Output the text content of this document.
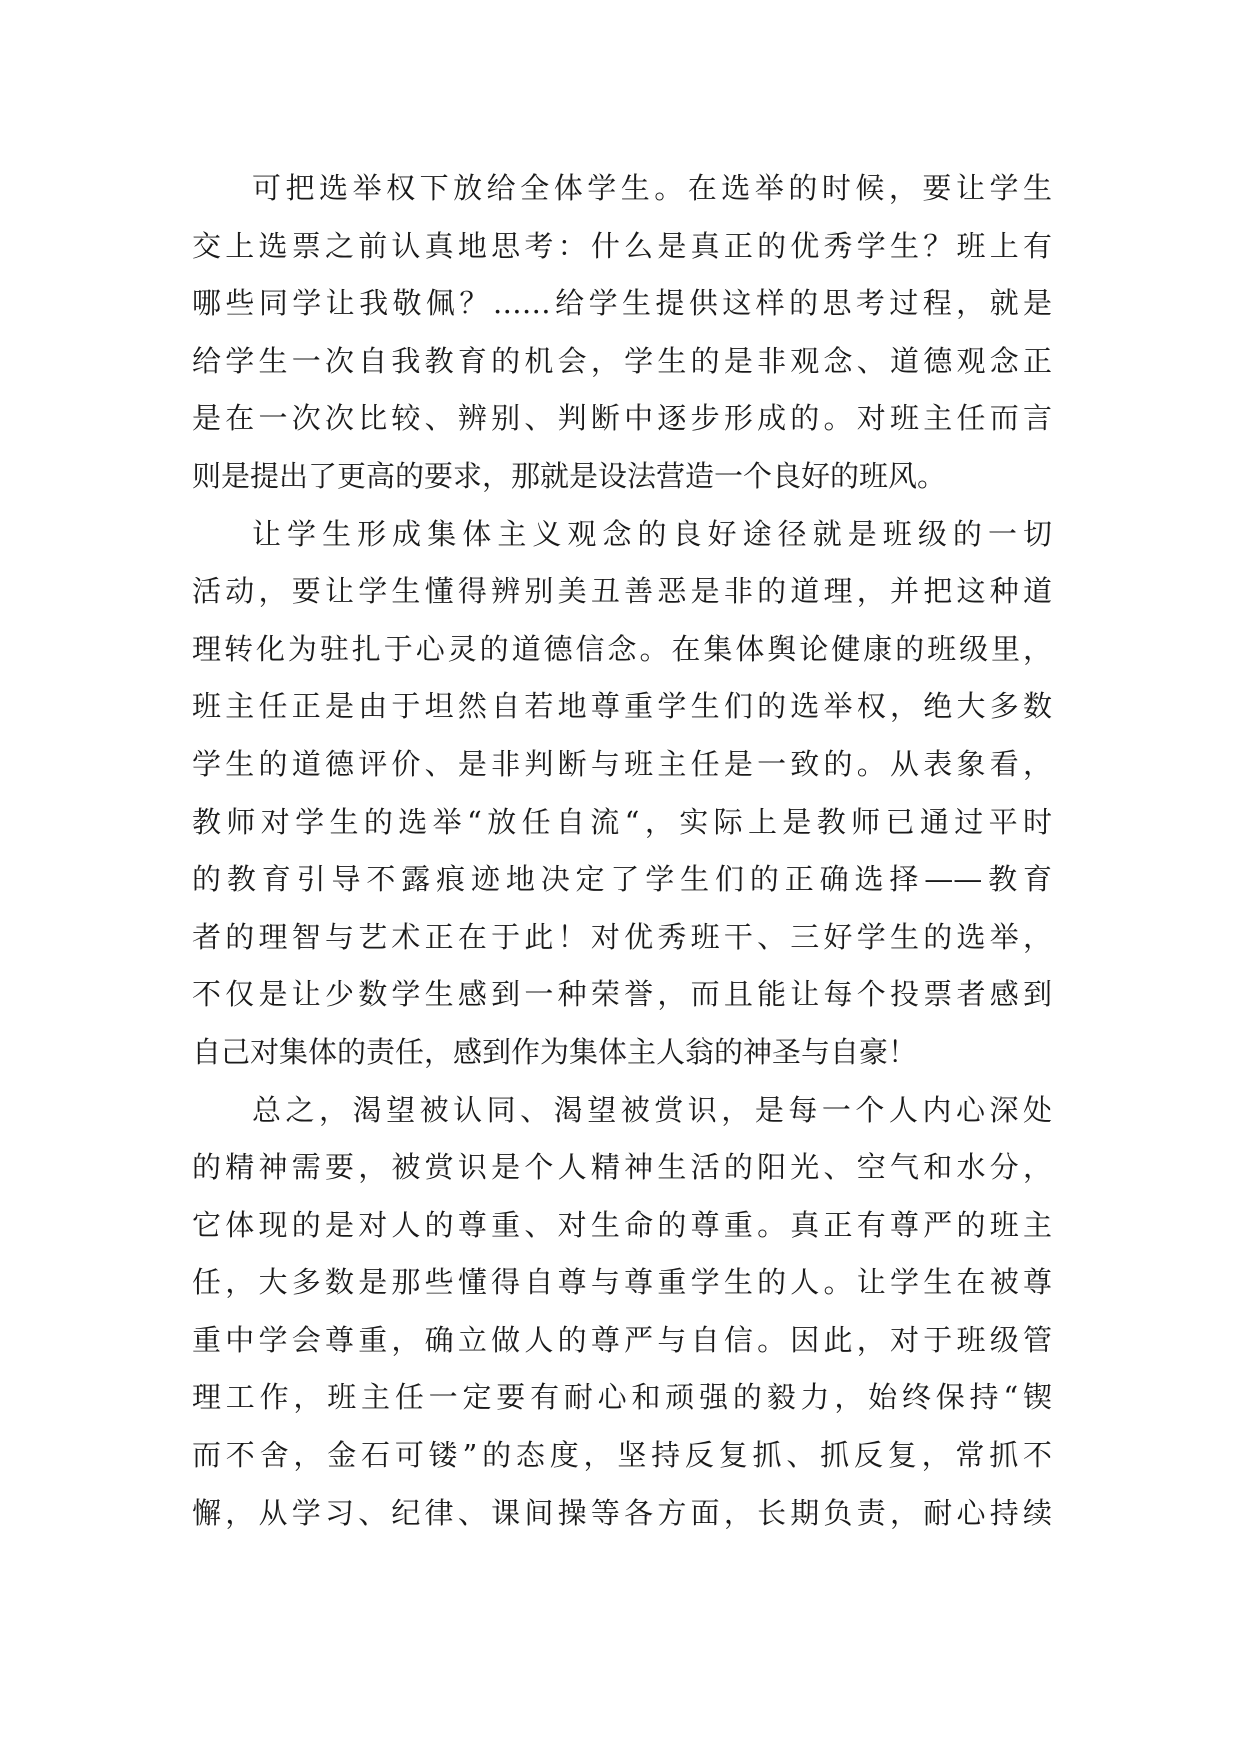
可把选举权下放给全体学生。在选举的时候，要让学生
交上选票之前认真地思考：什么是真正的优秀学生？班上有
哪些同学让我敬佩？……给学生提供这样的思考过程，就是
给学生一次自我教育的机会，学生的是非观念、道德观念正
是在一次次比较、辨别、判断中逐步形成的。对班主任而言
则是提出了更高的要求，那就是设法营造一个良好的班风。
让学生形成集体主义观念的良好途径就是班级的一切
活动，要让学生懂得辨别美丑善恶是非的道理，并把这种道
理转化为驻扎于心灵的道德信念。在集体舆论健康的班级里，
班主任正是由于坦然自若地尊重学生们的选举权，绝大多数
学生的道德评价、是非判断与班主任是一致的。从表象看，
教师对学生的选举“放任自流“，实际上是教师已通过平时
的教育引导不露痕迹地决定了学生们的正确选择——教育
者的理智与艺术正在于此！对优秀班干、三好学生的选举，
不仅是让少数学生感到一种荣誉，而且能让每个投票者感到
自己对集体的责任，感到作为集体主人翁的神圣与自豪！
总之，渴望被认同、渴望被赏识，是每一个人内心深处
的精神需要，被赏识是个人精神生活的阳光、空气和水分，
它体现的是对人的尊重、对生命的尊重。真正有尊严的班主
任，大多数是那些懂得自尊与尊重学生的人。让学生在被尊
重中学会尊重，确立做人的尊严与自信。因此，对于班级管
理工作，班主任一定要有耐心和顽强的毅力，始终保持“锲
而不舍，金石可镂”的态度，坚持反复抓、抓反复，常抓不
懈，从学习、纪律、课间操等各方面，长期负责，耐心持续
